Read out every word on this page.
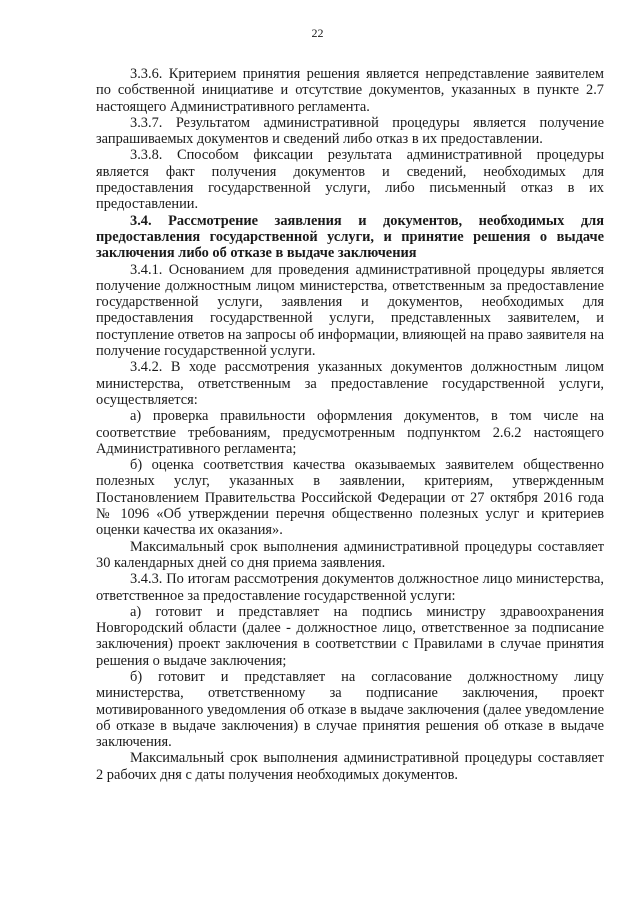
22

3.3.6. Критерием принятия решения является непредставление заявителем по собственной инициативе и отсутствие документов, указанных в пункте 2.7 настоящего Административного регламента.

3.3.7. Результатом административной процедуры является получение запрашиваемых документов и сведений либо отказ в их предоставлении.

3.3.8. Способом фиксации результата административной процедуры является факт получения документов и сведений, необходимых для предоставления государственной услуги, либо письменный отказ в их предоставлении.

3.4. Рассмотрение заявления и документов, необходимых для предоставления государственной услуги, и принятие решения о выдаче заключения либо об отказе в выдаче заключения

3.4.1. Основанием для проведения административной процедуры является получение должностным лицом министерства, ответственным за предоставление государственной услуги, заявления и документов, необходимых для предоставления государственной услуги, представленных заявителем, и поступление ответов на запросы об информации, влияющей на право заявителя на получение государственной услуги.

3.4.2. В ходе рассмотрения указанных документов должностным лицом министерства, ответственным за предоставление государственной услуги, осуществляется:

а) проверка правильности оформления документов, в том числе на соответствие требованиям, предусмотренным подпунктом 2.6.2 настоящего Административного регламента;

б) оценка соответствия качества оказываемых заявителем общественно полезных услуг, указанных в заявлении, критериям, утвержденным Постановлением Правительства Российской Федерации от 27 октября 2016 года № 1096 «Об утверждении перечня общественно полезных услуг и критериев оценки качества их оказания».

Максимальный срок выполнения административной процедуры составляет 30 календарных дней со дня приема заявления.

3.4.3. По итогам рассмотрения документов должностное лицо министерства, ответственное за предоставление государственной услуги:

а) готовит и представляет на подпись министру здравоохранения Новгородский области (далее - должностное лицо, ответственное за подписание заключения) проект заключения в соответствии с Правилами в случае принятия решения о выдаче заключения;

б) готовит и представляет на согласование должностному лицу министерства, ответственному за подписание заключения, проект мотивированного уведомления об отказе в выдаче заключения (далее уведомление об отказе в выдаче заключения) в случае принятия решения об отказе в выдаче заключения.

Максимальный срок выполнения административной процедуры составляет 2 рабочих дня с даты получения необходимых документов.
